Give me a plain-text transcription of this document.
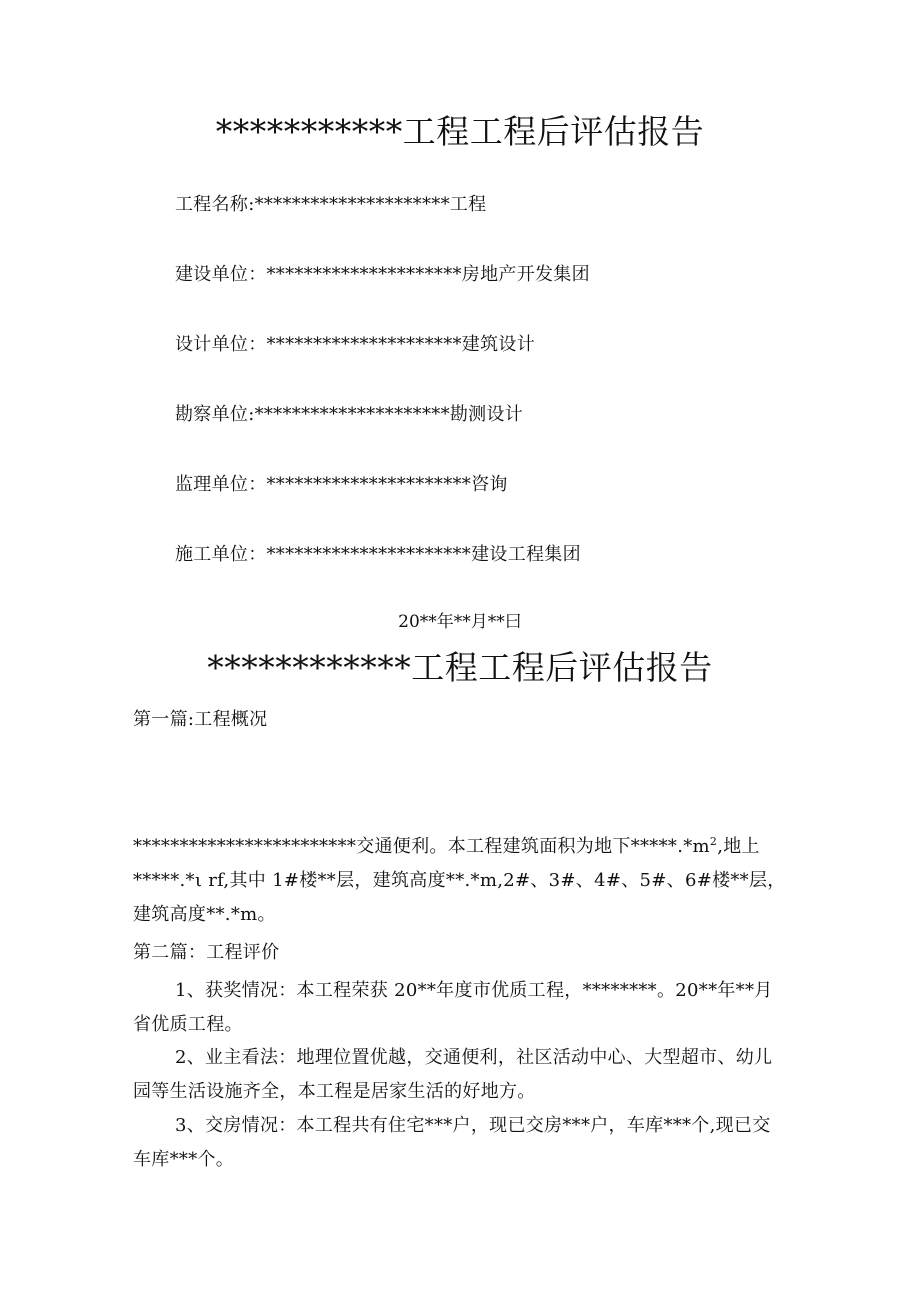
***********工程工程后评估报告
工程名称:*********************工程
建设单位：*********************房地产开发集团
设计单位：*********************建筑设计
勘察单位:*********************勘测设计
监理单位：**********************咨询
施工单位：**********************建设工程集团
20**年**月**曰
************工程工程后评估报告
第一篇:工程概况
************************交通便利。本工程建筑面积为地下$*****.*m^2$,地上
*****.*ι rf,其中 1#楼**层，建筑高度**.*m,2#、3#、4#、5#、6#楼**层，
建筑高度**.*m。
第二篇：工程评价
1、获奖情况：本工程荣获 20**年度市优质工程，********。20**年**月
省优质工程。
2、业主看法：地理位置优越，交通便利，社区活动中心、大型超市、幼儿
园等生活设施齐全，本工程是居家生活的好地方。
3、交房情况：本工程共有住宅***户，现已交房***户，车库***个,现已交
车库***个。
